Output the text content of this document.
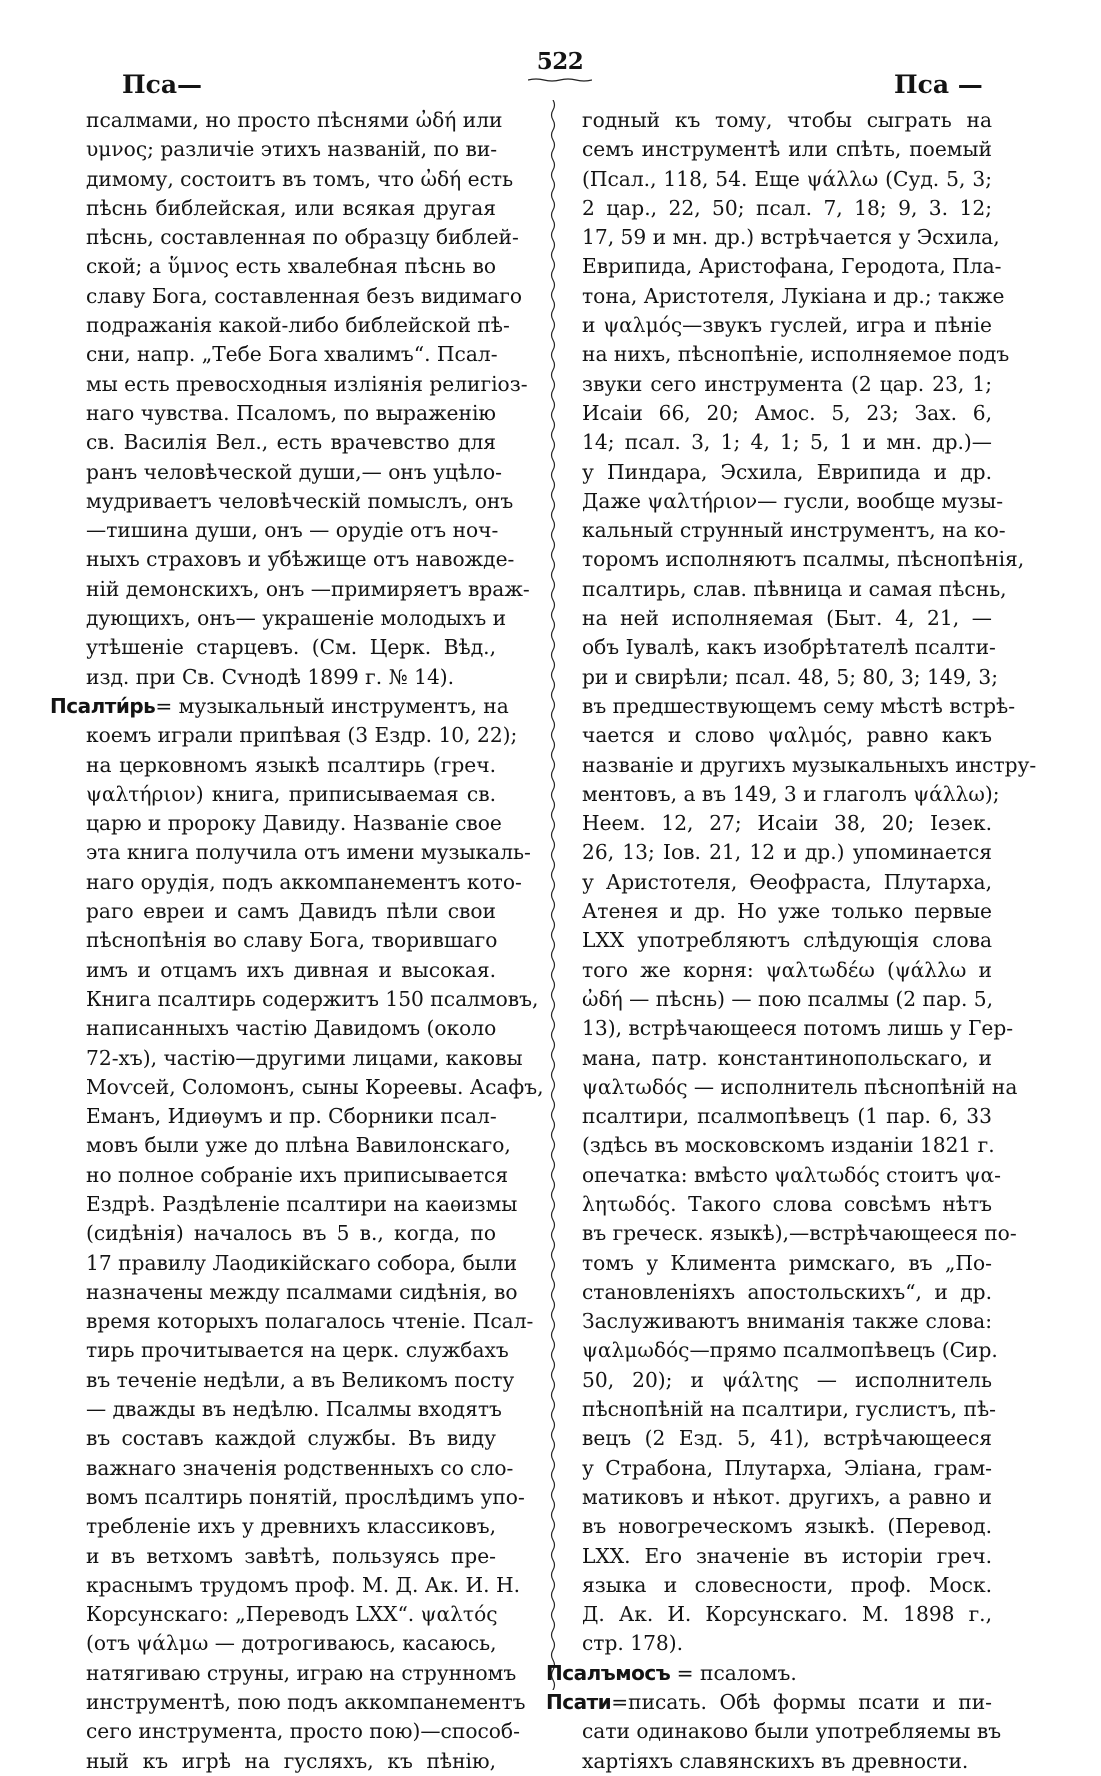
522
Пса—	Пса —
псалмами, но просто пѣснями ὠδή или
υμνος; различіе этихъ названій, по ви-
димому, состоитъ въ томъ, что ὠδή есть
пѣснь библейская, или всякая другая
пѣснь, составленная по образцу библей-
ской; а ὕμνος есть хвалебная пѣснь во
славу Бога, составленная безъ видимаго
подражанія какой-либо библейской пѣ-
сни, напр. „Тебе Бога хвалимъ“. Псал-
мы есть превосходныя изліянія религіоз-
наго чувства. Псаломъ, по выраженію
св. Василія Вел., есть врачевство для
ранъ человѣческой души,— онъ уцѣло-
мудриваетъ человѣческій помыслъ, онъ
—тишина души, онъ — орудіе отъ ноч-
ныхъ страховъ и убѣжище отъ навожде-
ній демонскихъ, онъ —примиряетъ враж-
дующихъ, онъ— украшеніе молодыхъ и
утѣшеніе старцевъ. (См. Церк. Вѣд.,
изд. при Св. Сѵнодѣ 1899 г. № 14).
Псалти́рь= музыкальный инструментъ, на
коемъ играли припѣвая (3 Ездр. 10, 22);
на церковномъ языкѣ псалтирь (греч.
ψαλτήριον) книга, приписываемая св.
царю и пророку Давиду. Названіе свое
эта книга получила отъ имени музыкаль-
наго орудія, подъ аккомпанементъ кото-
раго евреи и самъ Давидъ пѣли свои
пѣснопѣнія во славу Бога, творившаго
имъ и отцамъ ихъ дивная и высокая.
Книга псалтирь содержитъ 150 псалмовъ,
написанныхъ частію Давидомъ (около
72-хъ), частію—другими лицами, каковы
Моѵсей, Соломонъ, сыны Кореевы. Асафъ,
Еманъ, Идиѳумъ и пр. Сборники псал-
мовъ были уже до плѣна Вавилонскаго,
но полное собраніе ихъ приписывается
Ездрѣ. Раздѣленіе псалтири на каѳизмы
(сидѣнія) началось въ 5 в., когда, по
17 правилу Лаодикійскаго собора, были
назначены между псалмами сидѣнія, во
время которыхъ полагалось чтеніе. Псал-
тирь прочитывается на церк. службахъ
въ теченіе недѣли, а въ Великомъ посту
— дважды въ недѣлю. Псалмы входятъ
въ составъ каждой службы. Въ виду
важнаго значенія родственныхъ со сло-
вомъ псалтирь понятій, прослѣдимъ упо-
требленіе ихъ у древнихъ классиковъ,
и въ ветхомъ завѣтѣ, пользуясь пре-
краснымъ трудомъ проф. М. Д. Ак. И. Н.
Корсунскаго: „Переводъ LXX“. ψαλτός
(отъ ψάλμω — дотрогиваюсь, касаюсь,
натягиваю струны, играю на струнномъ
инструментѣ, пою подъ аккомпанементъ
сего инструмента, просто пою)—способ-
ный къ игрѣ на гусляхъ, къ пѣнію,
годный къ тому, чтобы сыграть на
семъ инструментѣ или спѣть, поемый
(Псал., 118, 54. Еще ψάλλω (Суд. 5, 3;
2 цар., 22, 50; псал. 7, 18; 9, 3. 12;
17, 59 и мн. др.) встрѣчается у Эсхила,
Еврипида, Аристофана, Геродота, Пла-
тона, Аристотеля, Лукіана и др.; также
и ψαλμός—звукъ гуслей, игра и пѣніе
на нихъ, пѣснопѣніе, исполняемое подъ
звуки сего инструмента (2 цар. 23, 1;
Исаіи 66, 20; Амос. 5, 23; Зах. 6,
14; псал. 3, 1; 4, 1; 5, 1 и мн. др.)—
у Пиндара, Эсхила, Еврипида и др.
Даже ψαλτήριον— гусли, вообще музы-
кальный струнный инструментъ, на ко-
торомъ исполняютъ псалмы, пѣснопѣнія,
псалтирь, слав. пѣвница и самая пѣснь,
на ней исполняемая (Быт. 4, 21, —
объ Іувалѣ, какъ изобрѣтателѣ псалти-
ри и свирѣли; псал. 48, 5; 80, 3; 149, 3;
въ предшествующемъ сему мѣстѣ встрѣ-
чается и слово ψαλμός, равно какъ
названіе и другихъ музыкальныхъ инстру-
ментовъ, а въ 149, 3 и глаголъ ψάλλω);
Неем. 12, 27; Исаіи 38, 20; Іезек.
26, 13; Іов. 21, 12 и др.) упоминается
у Аристотеля, Ѳеофраста, Плутарха,
Атенея и др. Но уже только первые
LXX употребляютъ слѣдующія слова
того же корня: ψαλτωδέω (ψάλλω и
ὠδή — пѣснь) — пою псалмы (2 пар. 5,
13), встрѣчающееся потомъ лишь у Гер-
мана, патр. константинопольскаго, и
ψαλτωδός — исполнитель пѣснопѣній на
псалтири, псалмопѣвецъ (1 пар. 6, 33
(здѣсь въ московскомъ изданіи 1821 г.
опечатка: вмѣсто ψαλτωδός стоитъ ψα-
λητωδός. Такого слова совсѣмъ нѣтъ
въ греческ. языкѣ),—встрѣчающееся по-
томъ у Климента римскаго, въ „По-
становленіяхъ апостольскихъ“, и др.
Заслуживаютъ вниманія также слова:
ψαλμωδός—прямо псалмопѣвецъ (Сир.
50, 20); и ψάλτης — исполнитель
пѣснопѣній на псалтири, гуслистъ, пѣ-
вецъ (2 Езд. 5, 41), встрѣчающееся
у Страбона, Плутарха, Эліана, грам-
матиковъ и нѣкот. другихъ, а равно и
въ новогреческомъ языкѣ. (Перевод.
LXX. Его значеніе въ исторіи греч.
языка и словесности, проф. Моск.
Д. Ак. И. Корсунскаго. М. 1898 г.,
стр. 178).
Псалъмосъ = псаломъ.
Псати=писать. Обѣ формы псати и пи-
сати одинаково были употребляемы въ
хартіяхъ славянскихъ въ древности.
